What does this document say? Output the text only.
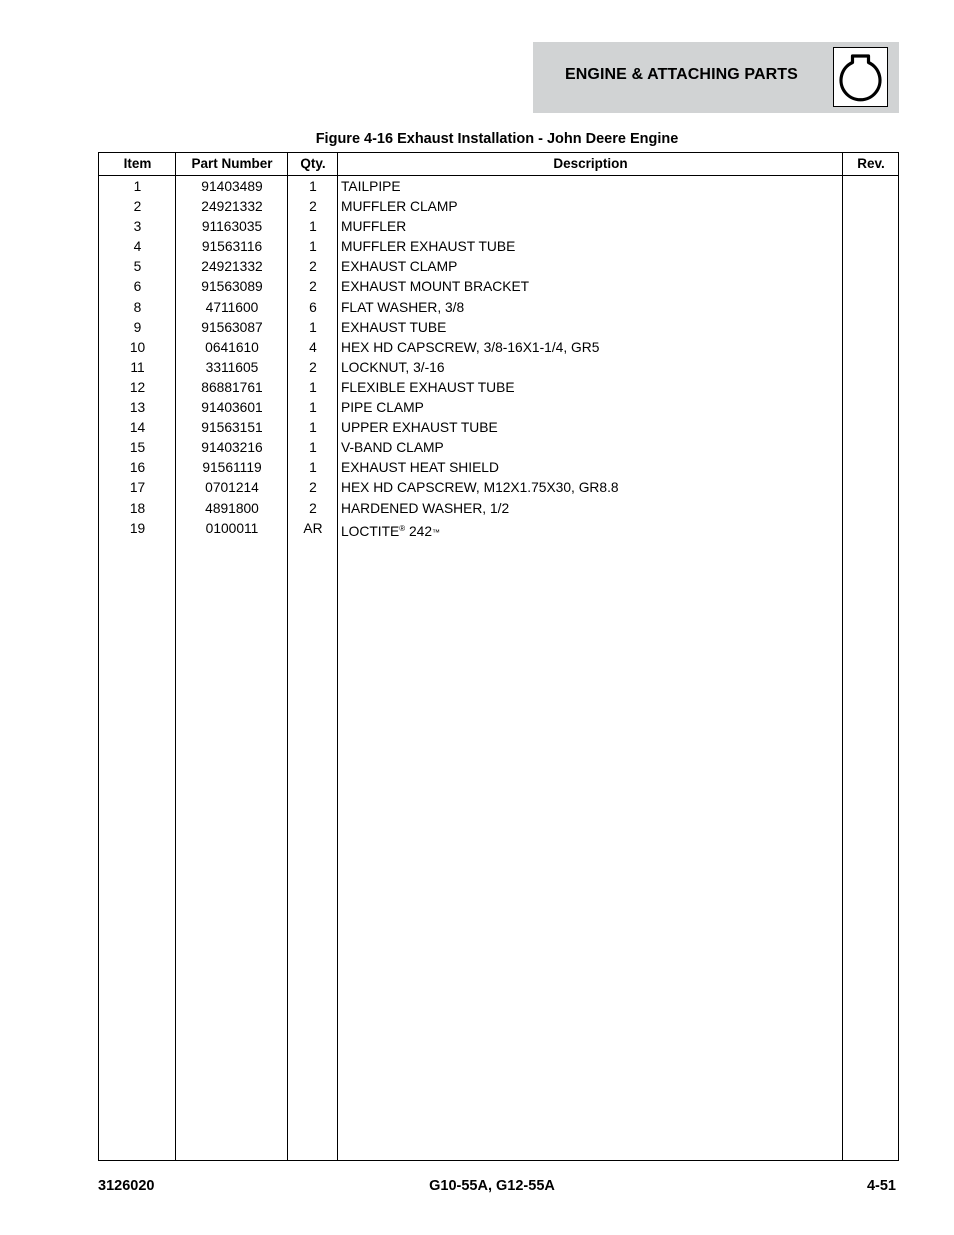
ENGINE & ATTACHING PARTS
Figure 4-16 Exhaust Installation - John Deere Engine
Item	Part Number	Qty.	Description	Rev.
1	91403489	1	TAILPIPE
2	24921332	2	MUFFLER CLAMP
3	91163035	1	MUFFLER
4	91563116	1	MUFFLER EXHAUST TUBE
5	24921332	2	EXHAUST CLAMP
6	91563089	2	EXHAUST MOUNT BRACKET
8	4711600	6	FLAT WASHER, 3/8
9	91563087	1	EXHAUST TUBE
10	0641610	4	HEX HD CAPSCREW, 3/8-16X1-1/4, GR5
11	3311605	2	LOCKNUT, 3/-16
12	86881761	1	FLEXIBLE EXHAUST TUBE
13	91403601	1	PIPE CLAMP
14	91563151	1	UPPER EXHAUST TUBE
15	91403216	1	V-BAND CLAMP
16	91561119	1	EXHAUST HEAT SHIELD
17	0701214	2	HEX HD CAPSCREW, M12X1.75X30, GR8.8
18	4891800	2	HARDENED WASHER, 1/2
19	0100011	AR	LOCTITE® 242™
3126020	G10-55A, G12-55A	4-51
